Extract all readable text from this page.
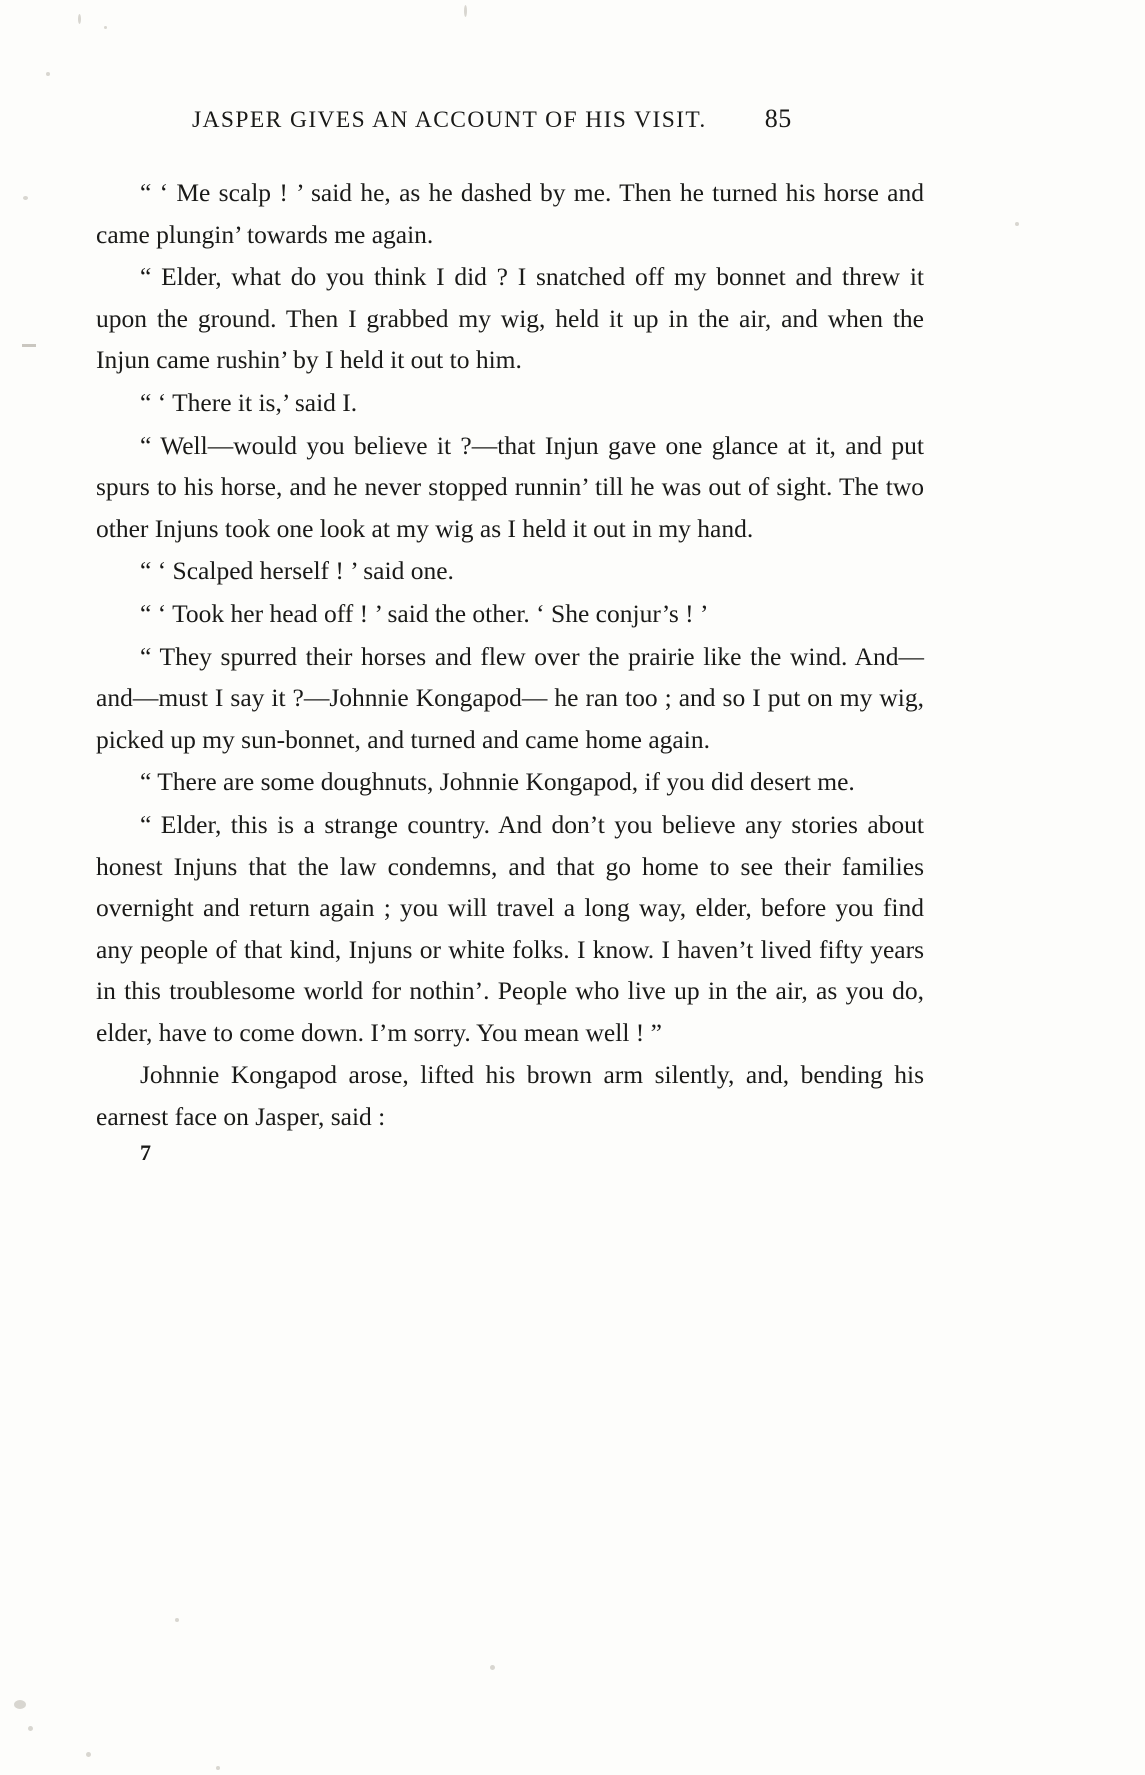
JASPER GIVES AN ACCOUNT OF HIS VISIT. 85

“ ‘ Me scalp ! ’ said he, as he dashed by me. Then he turned his horse and came plungin’ towards me again.

“ Elder, what do you think I did ? I snatched off my bonnet and threw it upon the ground. Then I grabbed my wig, held it up in the air, and when the Injun came rushin’ by I held it out to him.

“ ‘ There it is,’ said I.

“ Well—would you believe it ?—that Injun gave one glance at it, and put spurs to his horse, and he never stopped runnin’ till he was out of sight. The two other Injuns took one look at my wig as I held it out in my hand.

“ ‘ Scalped herself ! ’ said one.

“ ‘ Took her head off ! ’ said the other. ‘ She conjur’s ! ’

“ They spurred their horses and flew over the prairie like the wind. And—and—must I say it ?—Johnnie Kongapod— he ran too ; and so I put on my wig, picked up my sun-bonnet, and turned and came home again.

“ There are some doughnuts, Johnnie Kongapod, if you did desert me.

“ Elder, this is a strange country. And don’t you believe any stories about honest Injuns that the law condemns, and that go home to see their families overnight and return again ; you will travel a long way, elder, before you find any people of that kind, Injuns or white folks. I know. I haven’t lived fifty years in this troublesome world for nothin’. People who live up in the air, as you do, elder, have to come down. I’m sorry. You mean well ! ”

Johnnie Kongapod arose, lifted his brown arm silently, and, bending his earnest face on Jasper, said :

7
